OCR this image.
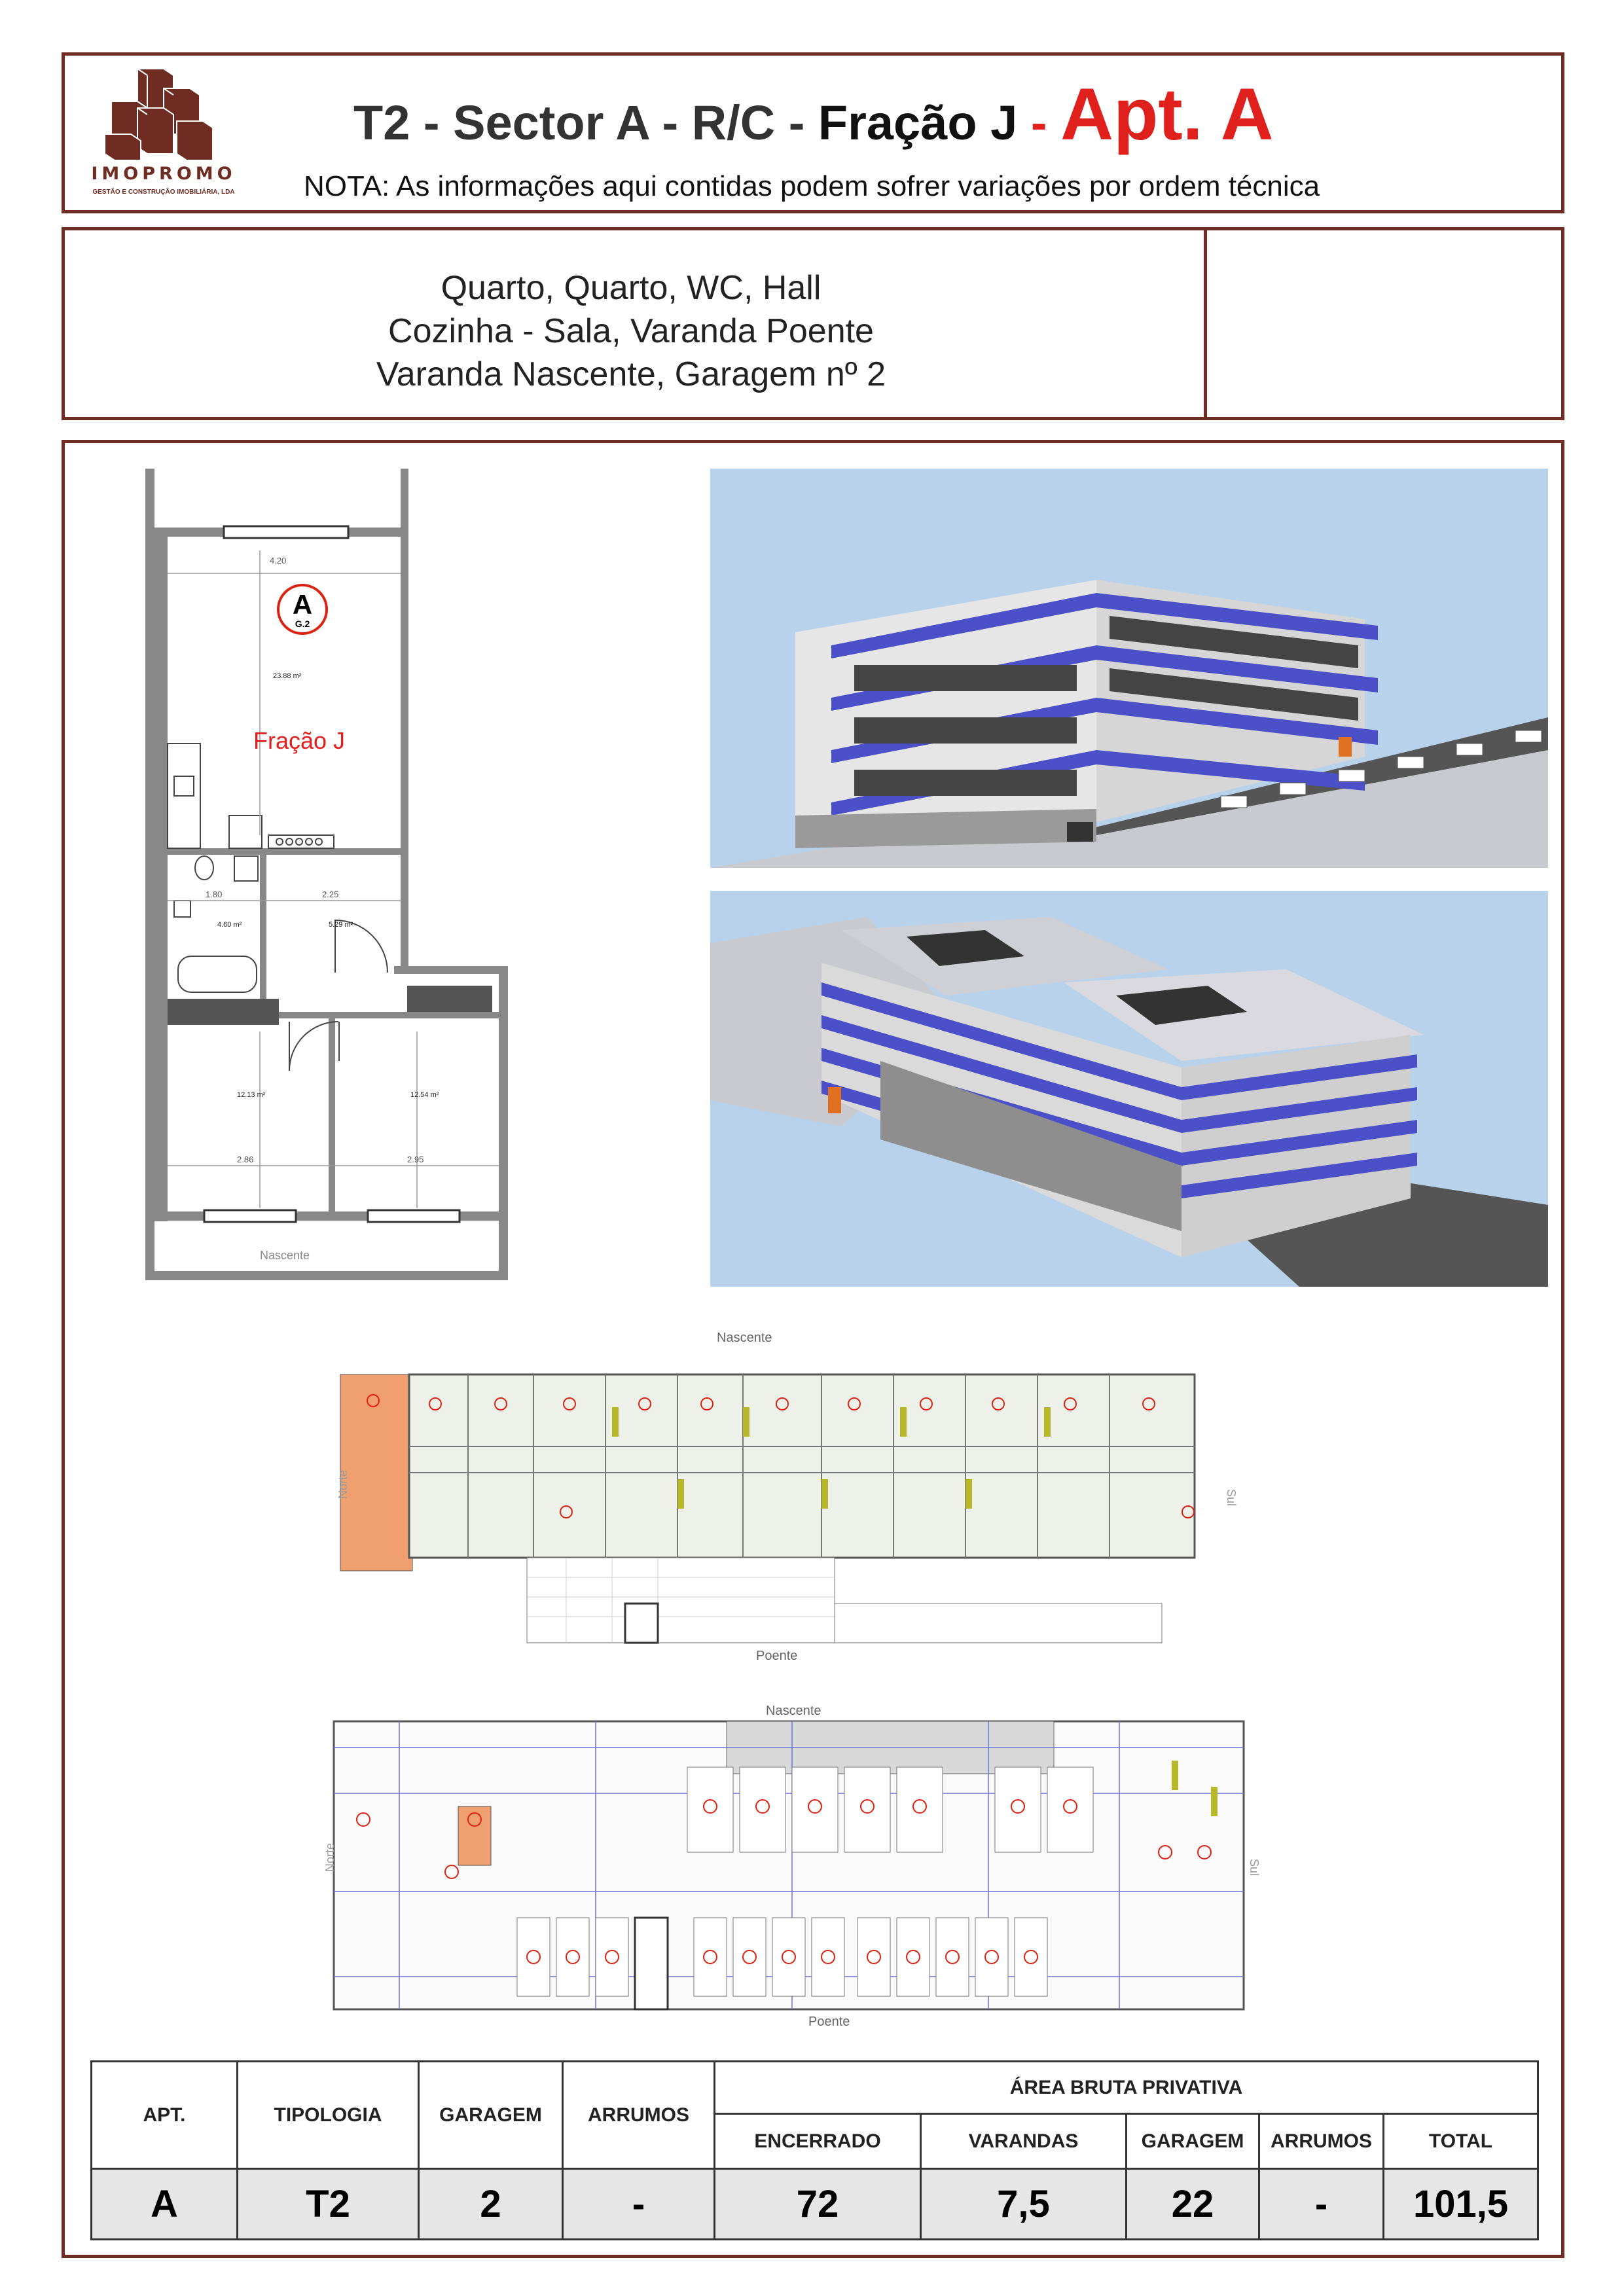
IMOPROMO
GESTÃO E CONSTRUÇÃO IMOBILIÁRIA, LDA
T2 - Sector A - R/C - Fração J - Apt. A
NOTA: As informações aqui contidas podem sofrer variações por ordem técnica
Quarto, Quarto, WC, Hall
Cozinha - Sala, Varanda Poente
Varanda Nascente, Garagem nº 2
A
G.2
Fração J
4.20
1.80	2.25
2.86	2.95
23.88 m²
5.29 m²
4.60 m²
12.13 m²	12.54 m²
Nascente
Nascente
Poente
Norte	Sul
Nascente
Poente
Norte	Sul
APT.	TIPOLOGIA	GARAGEM	ARRUMOS	ÁREA BRUTA PRIVATIVA				
				ENCERRADO	VARANDAS	GARAGEM	ARRUMOS	TOTAL
A	T2	2	-	72	7,5	22	-	101,5
